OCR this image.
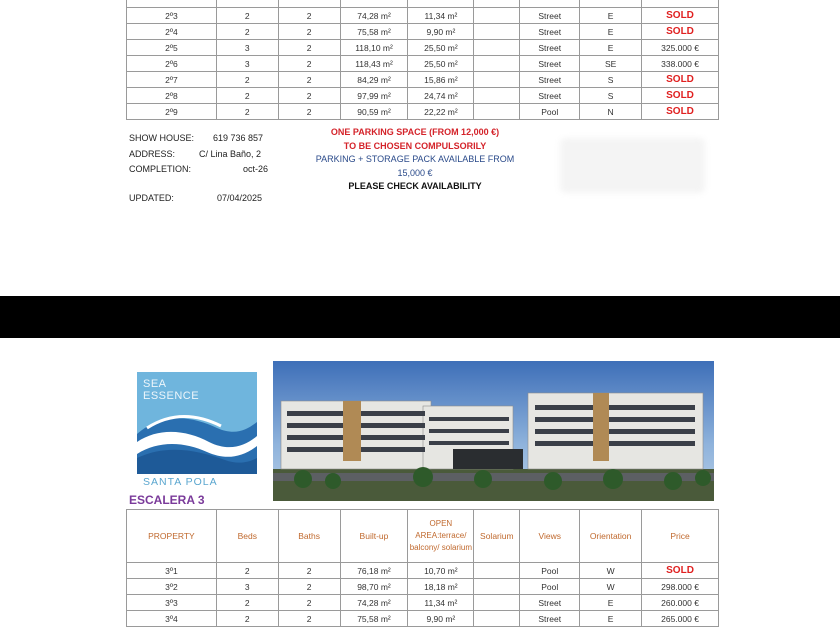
2º3	2	2	74,28 m²	11,34 m²		Street	E	SOLD
2º4	2	2	75,58 m²	9,90 m²		Street	E	SOLD
2º5	3	2	118,10 m²	25,50 m²		Street	E	325.000 €
2º6	3	2	118,43 m²	25,50 m²		Street	SE	338.000 €
2º7	2	2	84,29 m²	15,86 m²		Street	S	SOLD
2º8	2	2	97,99 m²	24,74 m²		Street	S	SOLD
2º9	2	2	90,59 m²	22,22 m²		Pool	N	SOLD
SHOW HOUSE: 619 736 857
ADDRESS:	C/ Lina Baño, 2
COMPLETION:	oct-26
UPDATED:	07/04/2025
ONE PARKING SPACE (FROM 12,000 €)
TO BE CHOSEN COMPULSORILY
PARKING + STORAGE PACK AVAILABLE FROM
15,000 €
PLEASE CHECK AVAILABILITY
SEA
ESSENCE
SANTA POLA
ESCALERA 3
PROPERTY	Beds	Baths	Built-up	OPEN AREA:terrace/ balcony/ solarium	Solarium	Views	Orientation	Price
3º1	2	2	76,18 m²	10,70 m²		Pool	W	SOLD
3º2	3	2	98,70 m²	18,18 m²		Pool	W	298.000 €
3º3	2	2	74,28 m²	11,34 m²		Street	E	260.000 €
3º4	2	2	75,58 m²	9,90 m²		Street	E	265.000 €
